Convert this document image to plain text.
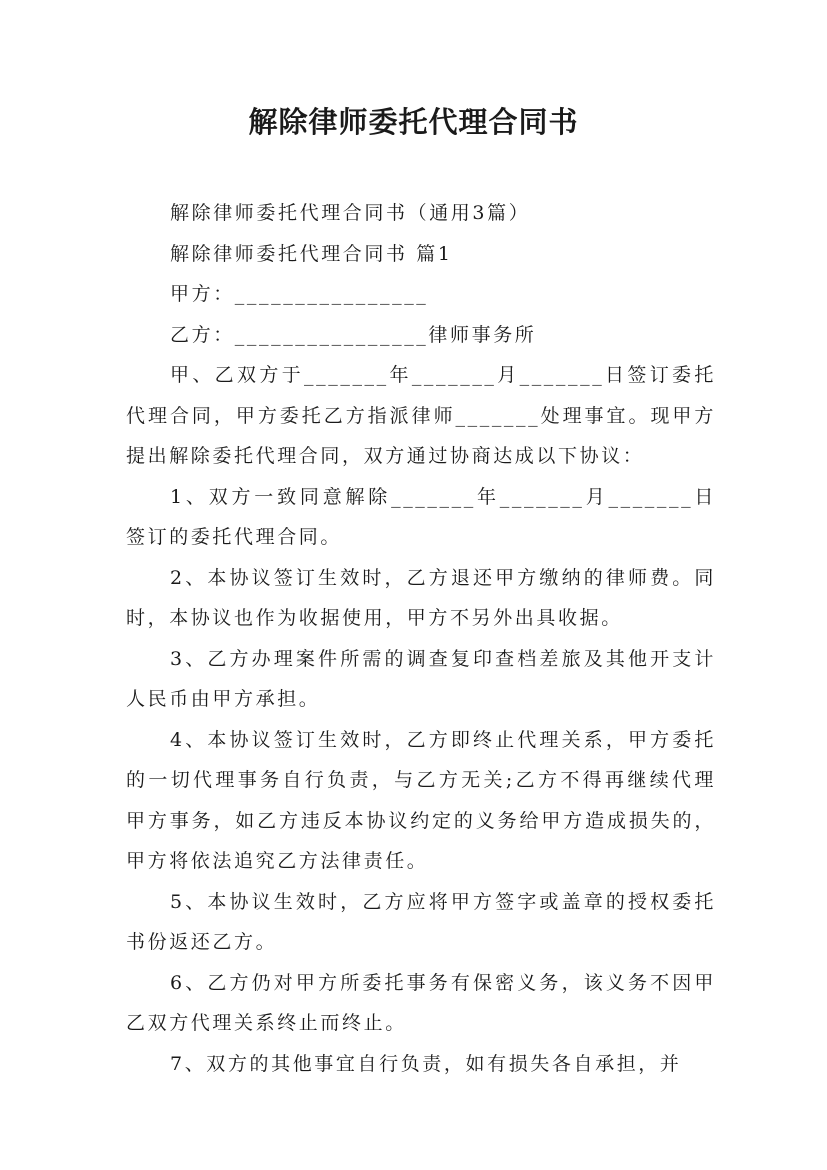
解除律师委托代理合同书

解除律师委托代理合同书（通用3篇）

解除律师委托代理合同书 篇1

甲方：________________

乙方：________________律师事务所

甲、乙双方于_______年_______月_______日签订委托代理合同，甲方委托乙方指派律师_______处理事宜。现甲方提出解除委托代理合同，双方通过协商达成以下协议：

1、双方一致同意解除_______年_______月_______日签订的委托代理合同。

2、本协议签订生效时，乙方退还甲方缴纳的律师费。同时，本协议也作为收据使用，甲方不另外出具收据。

3、乙方办理案件所需的调查复印查档差旅及其他开支计人民币由甲方承担。

4、本协议签订生效时，乙方即终止代理关系，甲方委托的一切代理事务自行负责，与乙方无关;乙方不得再继续代理甲方事务，如乙方违反本协议约定的义务给甲方造成损失的，甲方将依法追究乙方法律责任。

5、本协议生效时，乙方应将甲方签字或盖章的授权委托书份返还乙方。

6、乙方仍对甲方所委托事务有保密义务，该义务不因甲乙双方代理关系终止而终止。

7、双方的其他事宜自行负责，如有损失各自承担，并
